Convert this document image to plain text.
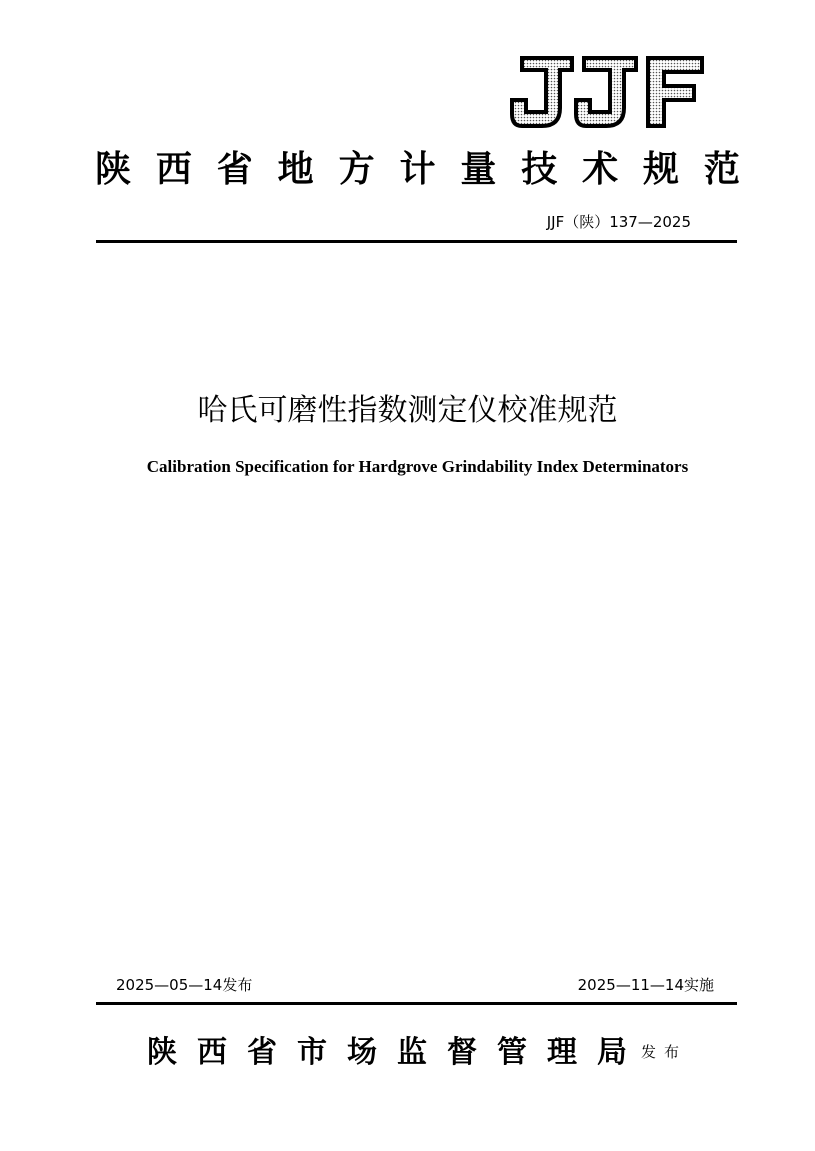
陕 西 省 地 方 计 量 技 术 规 范
JJF（陕）137—2025
哈氏可磨性指数测定仪校准规范
Calibration Specification for Hardgrove Grindability Index Determinators
2025—05—14发布	2025—11—14实施
陕 西 省 市 场 监 督 管 理 局 发布
